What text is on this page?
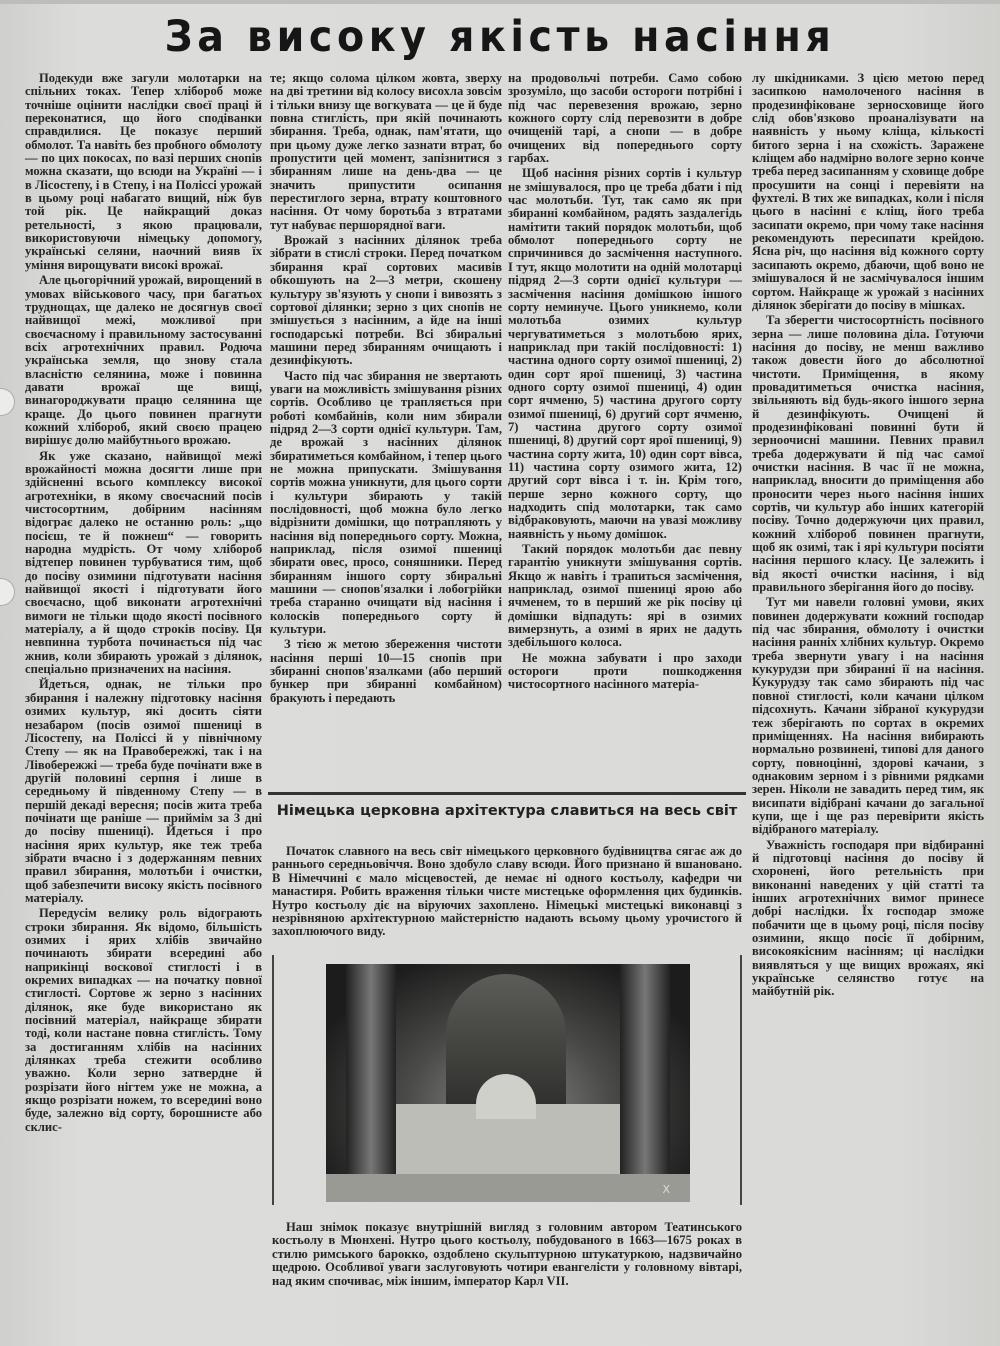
За високу якість насіння

Подекуди вже загули молотарки на спільних токах. Тепер хлібороб може точніше оцінити наслідки своєї праці й переконатися, що його сподіванки справдилися. Це показує перший обмолот. Та навіть без пробного обмолоту — по цих покосах, по вазі перших снопів можна сказати, що всюди на Україні — і в Лісостепу, і в Степу, і на Поліссі урожай в цьому році набагато вищий, ніж був той рік. Це найкращий доказ ретельності, з якою працювали, використовуючи німецьку допомогу, українські селяни, наочний вияв їх уміння вирощувати високі врожаї.

Але цьогорічний урожай, вирощений в умовах військового часу, при багатьох труднощах, ще далеко не досягнув своєї найвищої межі, можливої при своєчасному і правильному застосуванні всіх агротехнічних правил. Родюча українська земля, що знову стала власністю селянина, може і повинна давати врожаї ще вищі, винагороджувати працю селянина ще краще. До цього повинен прагнути кожний хлібороб, який своєю працею вирішує долю майбутнього врожаю.

Як уже сказано, найвищої межі врожайності можна досягти лише при здійсненні всього комплексу високої агротехніки, в якому своєчасний посів чистосортним, добірним насінням відограє далеко не останню роль: „що посієш, те й пожнеш“ — говорить народна мудрість. От чому хлібороб відтепер повинен турбуватися тим, щоб до посіву озимини підготувати насіння найвищої якості і підготувати його своєчасно, щоб виконати агротехнічні вимоги не тільки щодо якості посівного матеріалу, а й щодо строків посіву. Ця невпинна турбота починається під час жнив, коли збирають урожай з ділянок, спеціально призначених на насіння.

Йдеться, однак, не тільки про збирання і належну підготовку насіння озимих культур, які досить сіяти незабаром (посів озимої пшениці в Лісостепу, на Поліссі й у північному Степу — як на Правобережжі, так і на Лівобережжі — треба буде почінати вже в другій половині серпня і лише в середньому й південному Степу — в першій декаді вересня; посів жита треба почінати ще раніше — приймім за 3 дні до посіву пшениці). Йдеться і про насіння ярих культур, яке теж треба зібрати вчасно і з додержанням певних правил збирання, молотьби і очистки, щоб забезпечити високу якість посівного матеріалу.

Передусім велику роль відограють строки збирання. Як відомо, більшість озимих і ярих хлібів звичайно починають збирати всередині або наприкінці воскової стиглості і в окремих випадках — на початку повної стиглості. Сортове ж зерно з насінних ділянок, яке буде використано як посівний матеріал, найкраще збирати тоді, коли настане повна стиглість. Тому за достиганням хлібів на насінних ділянках треба стежити особливо уважно. Коли зерно затвердне й розрізати його нігтем уже не можна, а якщо розрізати ножем, то всередині воно буде, залежно від сорту, борошнисте або склис-

те; якщо солома цілком жовта, зверху на дві третини від колосу висохла зовсім і тільки внизу ще вогкувата — це й буде повна стиглість, при якій починають збирання. Треба, однак, пам'ятати, що при цьому дуже легко зазнати втрат, бо пропустити цей момент, запізнитися з збиранням лише на день-два — це значить припустити осипання перестиглого зерна, втрату коштовного насіння. От чому боротьба з втратами тут набуває першорядної ваги.

Врожай з насінних ділянок треба зібрати в стислі строки. Перед початком збирання краї сортових масивів обкошують на 2—3 метри, скошену культуру зв'язують у снопи і вивозять з сортової ділянки; зерно з цих снопів не змішується з насінним, а йде на інші господарські потреби. Всі збиральні машини перед збиранням очищають і дезинфікують.

Часто під час збирання не звертають уваги на можливість змішування різних сортів. Особливо це трапляється при роботі комбайнів, коли ним збирали підряд 2—3 сорти однієї культури. Там, де врожай з насінних ділянок збиратиметься комбайном, і тепер цього не можна припускати. Змішування сортів можна уникнути, для цього сорти і культури збирають у такій послідовності, щоб можна було легко відрізнити домішки, що потрапляють у насіння від попереднього сорту. Можна, наприклад, після озимої пшениці збирати овес, просо, соняшники. Перед збиранням іншого сорту збиральні машини — снопов'язалки і лобогрійки треба старанно очищати від насіння і колосків попереднього сорту й культури.

З тією ж метою збереження чистоти насіння перші 10—15 снопів при збиранні снопов'язалками (або перший бункер при збиранні комбайном) бракують і передають

на продовольчі потреби. Само собою зрозуміло, що засоби остороги потрібні і під час перевезення врожаю, зерно кожного сорту слід перевозити в добре очищеній тарі, а снопи — в добре очищених від попереднього сорту гарбах.

Щоб насіння різних сортів і культур не змішувалося, про це треба дбати і під час молотьби. Тут, так само як при збиранні комбайном, радять заздалегідь намітити такий порядок молотьби, щоб обмолот попереднього сорту не спричинився до засмічення наступного. І тут, якщо молотити на одній молотарці підряд 2—3 сорти однієї культури — засмічення насіння домішкою іншого сорту неминуче. Цього уникнемо, коли молотьба озимих культур чергуватиметься з молотьбою ярих, наприклад при такій послідовності: 1) частина одного сорту озимої пшениці, 2) один сорт ярої пшениці, 3) частина одного сорту озимої пшениці, 4) один сорт ячменю, 5) частина другого сорту озимої пшениці, 6) другий сорт ячменю, 7) частина другого сорту озимої пшениці, 8) другий сорт ярої пшениці, 9) частина сорту жита, 10) один сорт вівса, 11) частина сорту озимого жита, 12) другий сорт вівса і т. ін. Крім того, перше зерно кожного сорту, що надходить спід молотарки, так само відбраковують, маючи на увазі можливу наявність у ньому домішок.

Такий порядок молотьби дає певну гарантію уникнути змішування сортів. Якщо ж навіть і трапиться засмічення, наприклад, озимої пшениці ярою або ячменем, то в перший же рік посіву ці домішки відпадуть: ярі в озимих вимерзнуть, а озимі в ярих не дадуть здебільшого колоса.

Не можна забувати і про заходи остороги проти пошкодження чистосортного насінного матеріа-

лу шкідниками. З цією метою перед засипкою намолоченого насіння в продезинфіковане зерносховище його слід обов'язково проаналізувати на наявність у ньому кліща, кількості битого зерна і на схожість. Заражене кліщем або надмірно вологе зерно конче треба перед засипанням у сховище добре просушити на сонці і перевіяти на фухтелі. В тих же випадках, коли і після цього в насінні є кліщ, його треба засипати окремо, при чому таке насіння рекомендують пересипати крейдою. Ясна річ, що насіння від кожного сорту засипають окремо, дбаючи, щоб воно не змішувалося й не засмічувалося іншим сортом. Найкраще ж урожай з насінних ділянок зберігати до посіву в мішках.

Та зберегти чистосортність посівного зерна — лише половина діла. Готуючи насіння до посіву, не менш важливо також довести його до абсолютної чистоти. Приміщення, в якому провадитиметься очистка насіння, звільняють від будь-якого іншого зерна й дезинфікують. Очищені й продезинфіковані повинні бути й зерноочисні машини. Певних правил треба додержувати й під час самої очистки насіння. В час її не можна, наприклад, вносити до приміщення або проносити через нього насіння інших сортів, чи культур або інших категорій посіву. Точно додержуючи цих правил, кожний хлібороб повинен прагнути, щоб як озимі, так і ярі культури посіяти насіння першого класу. Це залежить і від якості очистки насіння, і від правильного зберігання його до посіву.

Тут ми навели головні умови, яких повинен додержувати кожний господар під час збирання, обмолоту і очистки насіння ранніх хлібних культур. Окремо треба звернути увагу і на насіння кукурудзи при збиранні її на насіння. Кукурудзу так само збирають під час повної стиглості, коли качани цілком підсохнуть. Качани зібраної кукурудзи теж зберігають по сортах в окремих приміщеннях. На насіння вибирають нормально розвинені, типові для даного сорту, повноцінні, здорові качани, з однаковим зерном і з рівними рядками зерен. Ніколи не завадить перед тим, як висипати відібрані качани до загальної купи, ще і ще раз перевірити якість відібраного матеріалу.

Уважність господаря при відбиранні й підготовці насіння до посіву й схоронені, його ретельність при виконанні наведених у цій статті та інших агротехнічних вимог принесе добрі наслідки. Їх господар зможе побачити ще в цьому році, після посіву озимини, якщо посіє її добірним, високоякісним насінням; ці наслідки виявляться у ще вищих врожаях, які українське селянство готує на майбутній рік.

Німецька церковна архітектура славиться на весь світ
Початок славного на весь світ німецького церковного будівництва сягає аж до раннього середньовіччя. Воно здобуло славу всюди. Його признано й вшановано. В Німеччині є мало місцевостей, де немає ні одного костьолу, кафедри чи манастиря. Робить враження тільки чисте мистецьке оформлення цих будинків. Нутро костьолу діє на віруючих захоплено. Німецькі мистецькі виконавці з незрівняною архітектурною майстерністю надають всьому цьому урочистого й захоплюючого виду.
X
Наш знімок показує внутрішній вигляд з головним автором Театинського костьолу в Мюнхені. Нутро цього костьолу, побудованого в 1663—1675 роках в стилю римського барокко, оздоблено скульптурною штукатуркою, надзвичайно щедрою. Особливої уваги заслуговують чотири евангелісти у головному вівтарі, над яким спочиває, між іншим, імператор Карл VII.
